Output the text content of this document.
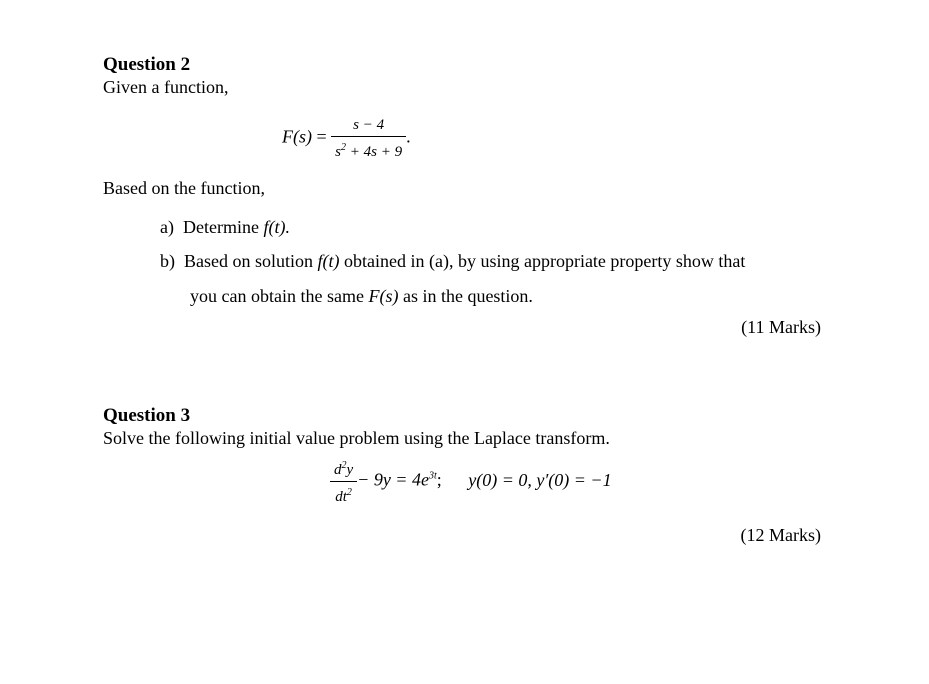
Question 2
Given a function,
$F(s) = \frac{s - 4}{s^2 + 4s + 9}$ .
Based on the function,
a) Determine f(t).
b) Based on solution f(t) obtained in (a), by using appropriate property show that
you can obtain the same F(s) as in the question.
(11 Marks)
Question 3
Solve the following initial value problem using the Laplace transform.
$\frac{d^2y}{dt^2} - 9y = 4e^{3t}$; y(0) = 0, y′(0) = −1
(12 Marks)
